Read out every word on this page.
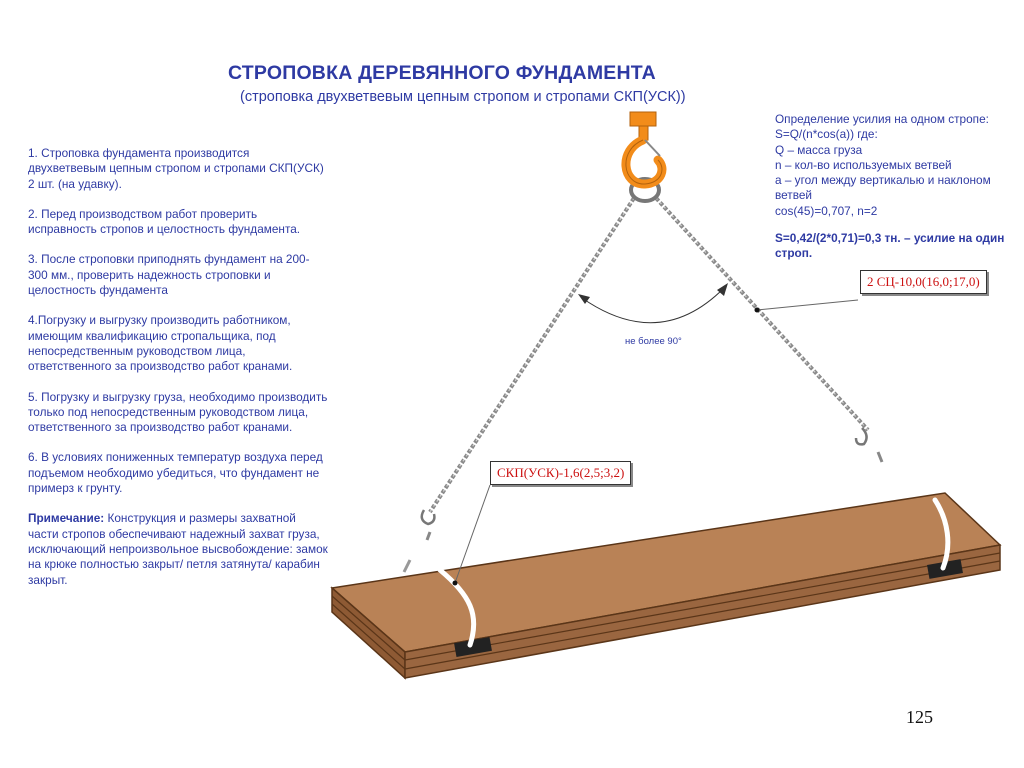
СТРОПОВКА ДЕРЕВЯННОГО ФУНДАМЕНТА
(строповка двухветвевым цепным стропом и стропами СКП(УСК))

1. Строповка фундамента производится двухветвевым цепным стропом и стропами СКП(УСК) 2 шт. (на удавку).

2. Перед производством работ проверить исправность стропов и целостность фундамента.

3. После строповки приподнять фундамент на 200-300 мм., проверить надежность строповки и целостность фундамента

4.Погрузку и выгрузку производить работником, имеющим квалификацию стропальщика, под непосредственным руководством лица, ответственного за производство работ кранами.

5. Погрузку и выгрузку груза, необходимо производить только под непосредственным руководством лица, ответственного за производство работ кранами.

6. В условиях пониженных температур воздуха перед подъемом необходимо убедиться, что фундамент не примерз к грунту.

Примечание: Конструкция и размеры захватной части стропов обеспечивают надежный захват груза, исключающий непроизвольное высвобождение: замок на крюке полностью закрыт/ петля затянута/ карабин закрыт.

Определение усилия на одном стропе:
S=Q/(n*cos(a)) где:
Q – масса груза
n – кол-во используемых ветвей
a – угол между вертикалью и наклоном
ветвей
cos(45)=0,707, n=2
S=0,42/(2*0,71)=0,3 тн. – усилие на один строп.
2 СЦ-10,0(16,0;17,0)
СКП(УСК)-1,6(2,5;3,2)
не более 90°
125
